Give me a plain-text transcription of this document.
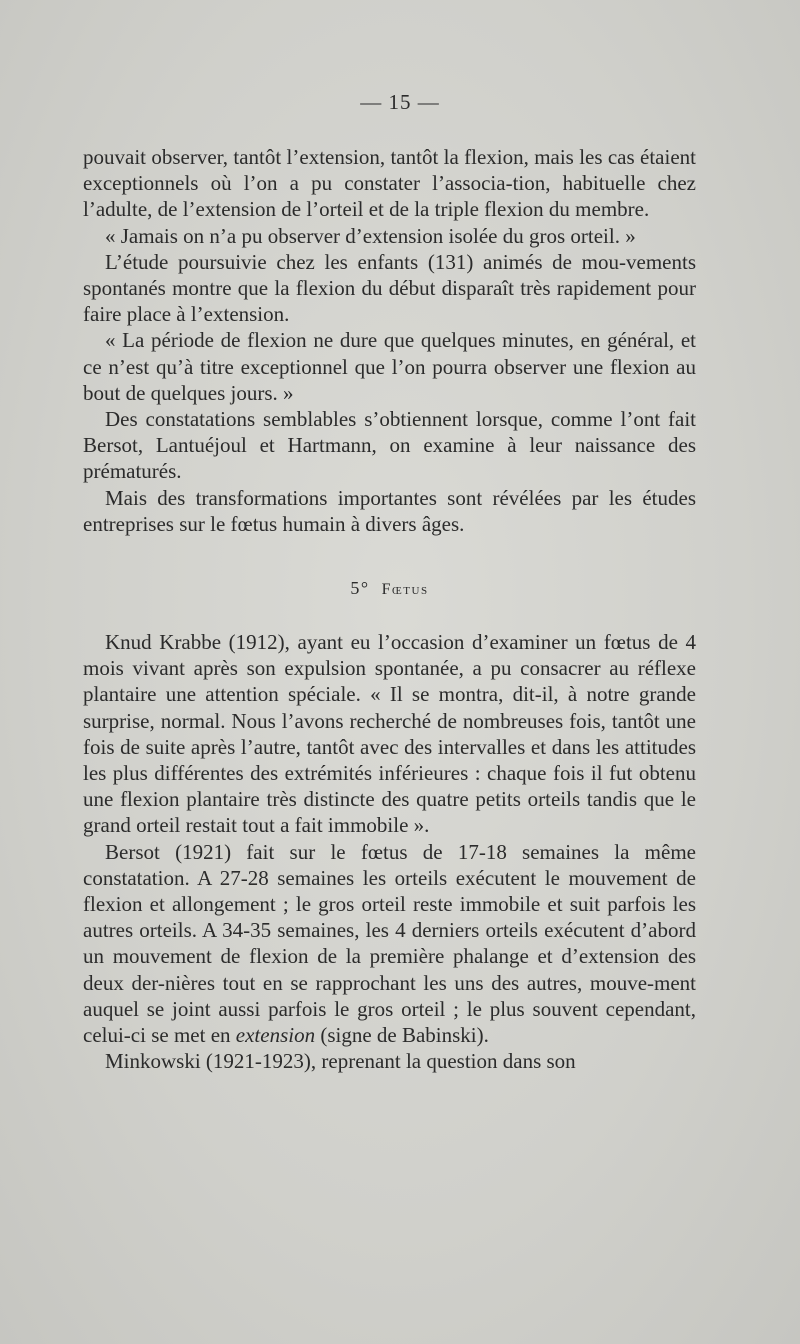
— 15 —

pouvait observer, tantôt l’extension, tantôt la flexion, mais les cas étaient exceptionnels où l’on a pu constater l’associa-tion, habituelle chez l’adulte, de l’extension de l’orteil et de la triple flexion du membre.

« Jamais on n’a pu observer d’extension isolée du gros orteil. »

L’étude poursuivie chez les enfants (131) animés de mou-vements spontanés montre que la flexion du début disparaît très rapidement pour faire place à l’extension.

« La période de flexion ne dure que quelques minutes, en général, et ce n’est qu’à titre exceptionnel que l’on pourra observer une flexion au bout de quelques jours. »

Des constatations semblables s’obtiennent lorsque, comme l’ont fait Bersot, Lantuéjoul et Hartmann, on examine à leur naissance des prématurés.

Mais des transformations importantes sont révélées par les études entreprises sur le fœtus humain à divers âges.

5° Fœtus

Knud Krabbe (1912), ayant eu l’occasion d’examiner un fœtus de 4 mois vivant après son expulsion spontanée, a pu consacrer au réflexe plantaire une attention spéciale. « Il se montra, dit-il, à notre grande surprise, normal. Nous l’avons recherché de nombreuses fois, tantôt une fois de suite après l’autre, tantôt avec des intervalles et dans les attitudes les plus différentes des extrémités inférieures : chaque fois il fut obtenu une flexion plantaire très distincte des quatre petits orteils tandis que le grand orteil restait tout a fait immobile ».

Bersot (1921) fait sur le fœtus de 17-18 semaines la même constatation. A 27-28 semaines les orteils exécutent le mouvement de flexion et allongement ; le gros orteil reste immobile et suit parfois les autres orteils. A 34-35 semaines, les 4 derniers orteils exécutent d’abord un mouvement de flexion de la première phalange et d’extension des deux der-nières tout en se rapprochant les uns des autres, mouve-ment auquel se joint aussi parfois le gros orteil ; le plus souvent cependant, celui-ci se met en extension (signe de Babinski).

Minkowski (1921-1923), reprenant la question dans son
